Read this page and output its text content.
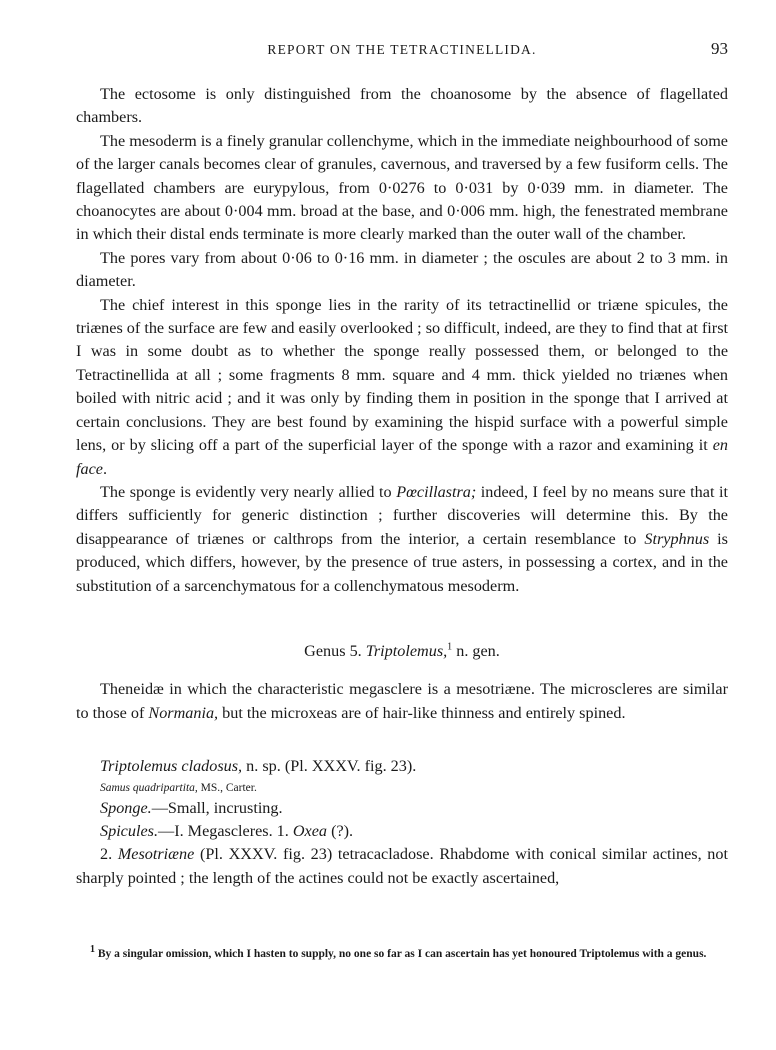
REPORT ON THE TETRACTINELLIDA.	93

The ectosome is only distinguished from the choanosome by the absence of flagellated chambers.

The mesoderm is a finely granular collenchyme, which in the immediate neighbourhood of some of the larger canals becomes clear of granules, cavernous, and traversed by a few fusiform cells. The flagellated chambers are eurypylous, from 0·0276 to 0·031 by 0·039 mm. in diameter. The choanocytes are about 0·004 mm. broad at the base, and 0·006 mm. high, the fenestrated membrane in which their distal ends terminate is more clearly marked than the outer wall of the chamber.

The pores vary from about 0·06 to 0·16 mm. in diameter ; the oscules are about 2 to 3 mm. in diameter.

The chief interest in this sponge lies in the rarity of its tetractinellid or triæne spicules, the triænes of the surface are few and easily overlooked ; so difficult, indeed, are they to find that at first I was in some doubt as to whether the sponge really possessed them, or belonged to the Tetractinellida at all ; some fragments 8 mm. square and 4 mm. thick yielded no triænes when boiled with nitric acid ; and it was only by finding them in position in the sponge that I arrived at certain conclusions. They are best found by examining the hispid surface with a powerful simple lens, or by slicing off a part of the superficial layer of the sponge with a razor and examining it en face.

The sponge is evidently very nearly allied to Pœcillastra; indeed, I feel by no means sure that it differs sufficiently for generic distinction ; further discoveries will determine this. By the disappearance of triænes or calthrops from the interior, a certain resemblance to Stryphnus is produced, which differs, however, by the presence of true asters, in possessing a cortex, and in the substitution of a sarcenchymatous for a collenchymatous mesoderm.

Genus 5. Triptolemus,$^1$ n. gen.

Theneidæ in which the characteristic megasclere is a mesotriæne. The microscleres are similar to those of Normania, but the microxeas are of hair-like thinness and entirely spined.

Triptolemus cladosus, n. sp. (Pl. XXXV. fig. 23).

Samus quadripartita, MS., Carter.

Sponge.—Small, incrusting.

Spicules.—I. Megascleres. 1. Oxea (?).

2. Mesotriæne (Pl. XXXV. fig. 23) tetracacladose. Rhabdome with conical similar actines, not sharply pointed ; the length of the actines could not be exactly ascertained,

$^1$ By a singular omission, which I hasten to supply, no one so far as I can ascertain has yet honoured Triptolemus with a genus.
